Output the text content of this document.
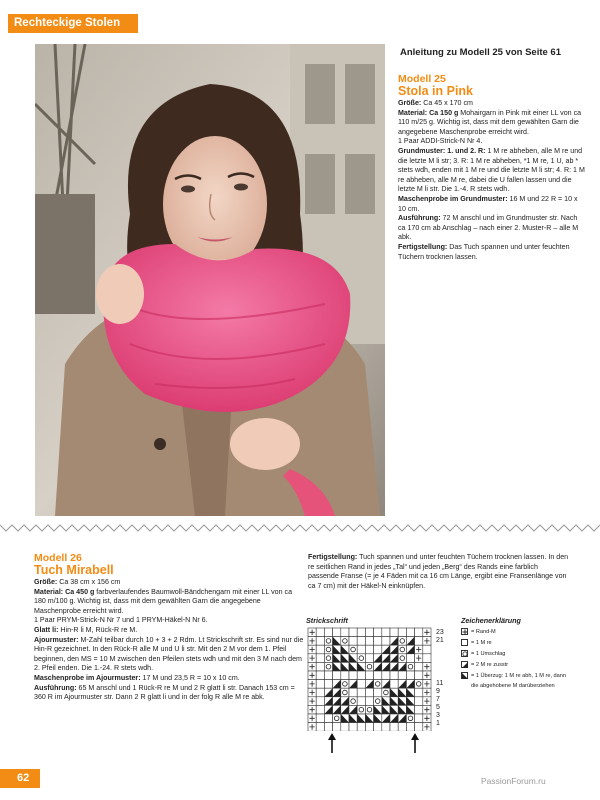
Rechteckige Stolen
Anleitung zu Modell 25 von Seite 61
Modell 25
Stola in Pink

Größe: Ca 45 x 170 cm

Material: Ca 150 g Mohairgarn in Pink mit einer LL von ca 110 m/25 g. Wichtig ist, dass mit dem gewählten Garn die angegebene Maschenprobe erreicht wird.

1 Paar ADDI-Strick-N Nr 4.

Grundmuster: 1. und 2. R: 1 M re abheben, alle M re und die letzte M li str; 3. R: 1 M re abheben, *1 M re, 1 U, ab * stets wdh, enden mit 1 M re und die letzte M li str; 4. R: 1 M re abheben, alle M re, dabei die U fallen lassen und die letzte M li str. Die 1.-4. R stets wdh.

Maschenprobe im Grundmuster: 16 M und 22 R = 10 x 10 cm.

Ausführung: 72 M anschl und im Grundmuster str. Nach ca 170 cm ab Anschlag – nach einer 2. Muster-R – alle M abk.

Fertigstellung: Das Tuch spannen und unter feuchten Tüchern trocknen lassen.

Modell 26
Tuch Mirabell

Größe: Ca 38 cm x 156 cm

Material: Ca 450 g farbverlaufendes Baumwoll-Bändchengarn mit einer LL von ca 180 m/100 g. Wichtig ist, dass mit dem gewählten Garn die angegebene Maschenprobe erreicht wird.

1 Paar PRYM-Strick-N Nr 7 und 1 PRYM-Häkel-N Nr 6.

Glatt li: Hin-R li M, Rück-R re M.

Ajourmuster: M-Zahl teilbar durch 10 + 3 + 2 Rdm. Lt Strickschrift str. Es sind nur die Hin-R gezeichnet. In den Rück-R alle M und U li str. Mit den 2 M vor dem 1. Pfeil beginnen, den MS = 10 M zwischen den Pfeilen stets wdh und mit den 3 M nach dem 2. Pfeil enden. Die 1.-24. R stets wdh.

Maschenprobe im Ajourmuster: 17 M und 23,5 R = 10 x 10 cm.

Ausführung: 65 M anschl und 1 Rück-R re M und 2 R glatt li str. Danach 153 cm = 360 R im Ajourmuster str. Dann 2 R glatt li und in der folg R alle M re abk.

Fertigstellung: Tuch spannen und unter feuchten Tüchern trocknen lassen. In den re seitlichen Rand in jedes „Tal“ und jeden „Berg“ des Rands eine farblich passende Franse (= je 4 Fäden mit ca 16 cm Länge, ergibt eine Fransenlänge von ca 7 cm) mit der Häkel-N einknüpfen.

Strickschrift
23
21
11
9
7
5
3
1
Zeichenerklärung
= Rand-M
= 1 M re
= 1 Umschlag
= 2 M re zusstr
= 1 Überzug: 1 M re abh, 1 M re, dann
die abgehobene M darüberziehen
62	PassionForum.ru
